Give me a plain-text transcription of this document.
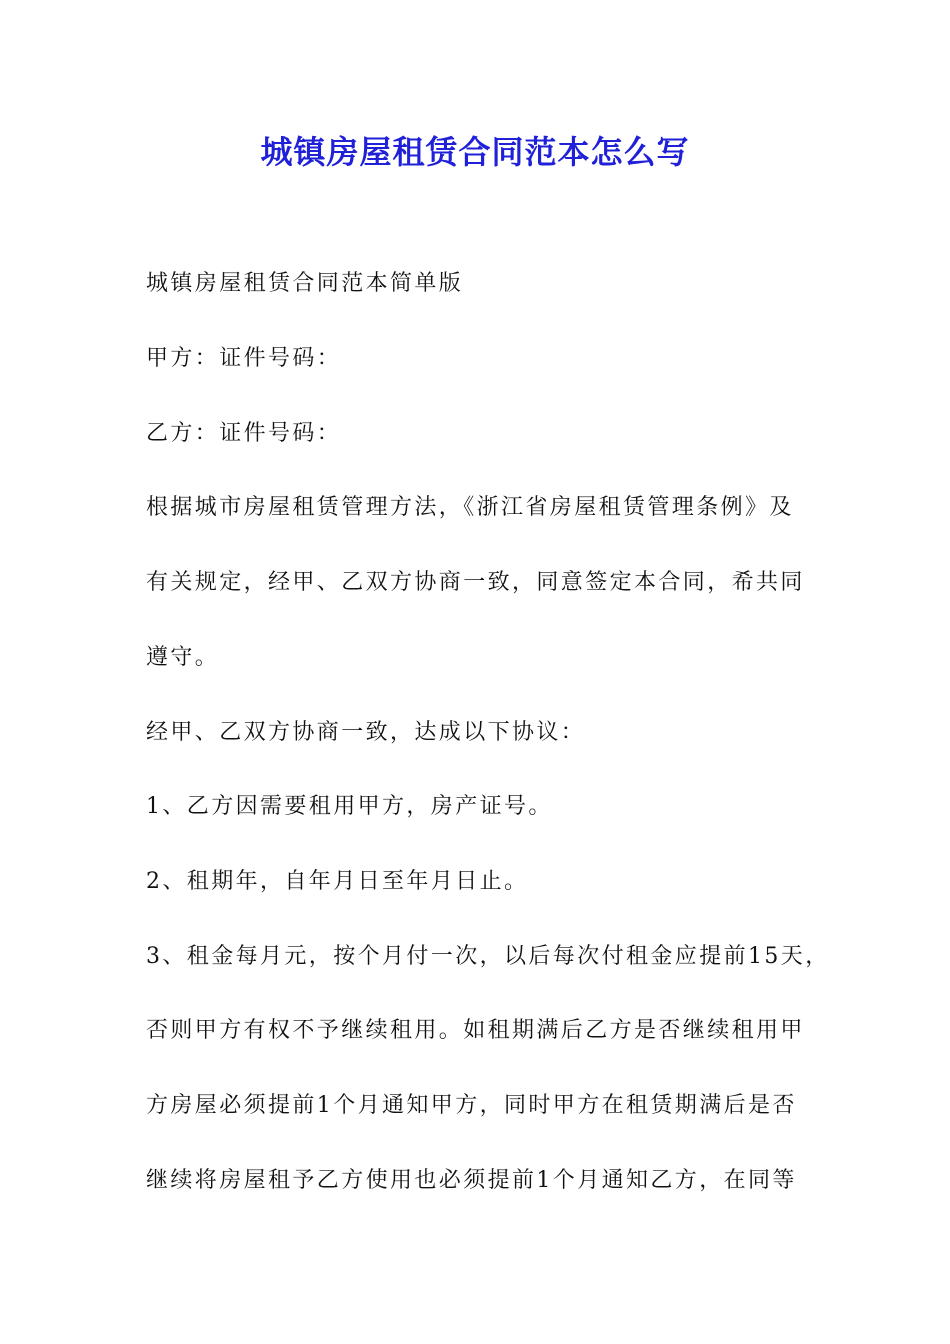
城镇房屋租赁合同范本怎么写
城镇房屋租赁合同范本简单版
甲方：证件号码：
乙方：证件号码：
根据城市房屋租赁管理方法，《浙江省房屋租赁管理条例》及
有关规定，经甲、乙双方协商一致，同意签定本合同，希共同
遵守。
经甲、乙双方协商一致，达成以下协议：
1、乙方因需要租用甲方，房产证号。
2、租期年，自年月日至年月日止。
3、租金每月元，按个月付一次，以后每次付租金应提前15天，
否则甲方有权不予继续租用。如租期满后乙方是否继续租用甲
方房屋必须提前1个月通知甲方，同时甲方在租赁期满后是否
继续将房屋租予乙方使用也必须提前1个月通知乙方，在同等
